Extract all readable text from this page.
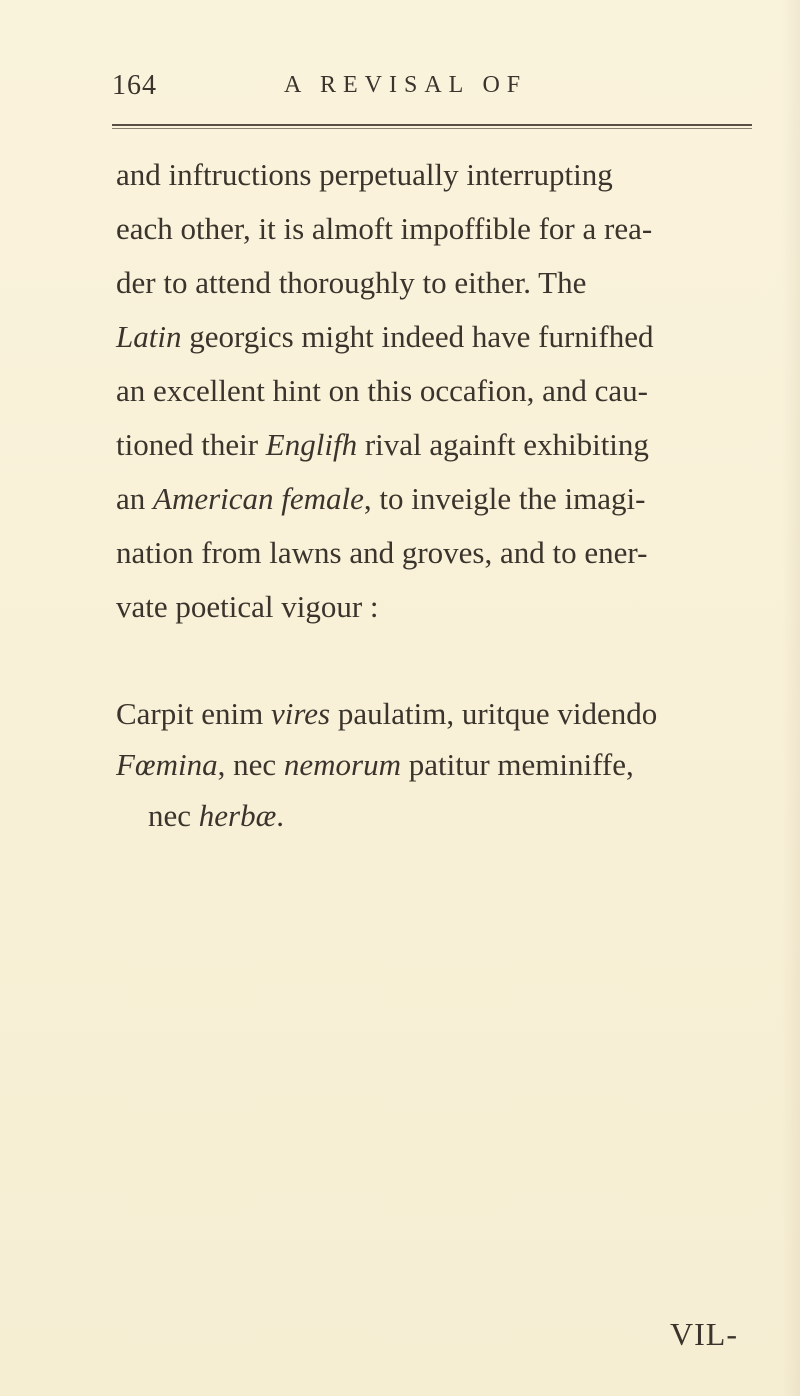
164	A REVISAL OF
and inftructions perpetually interrupting
each other, it is almoft impoffible for a rea-
der to attend thoroughly to either. The
Latin georgics might indeed have furnifhed
an excellent hint on this occafion, and cau-
tioned their Englifh rival againft exhibiting
an American female, to inveigle the imagi-
nation from lawns and groves, and to ener-
vate poetical vigour :
Carpit enim vires paulatim, uritque videndo
Fœmina, nec nemorum patitur meminiffe,
nec herbæ.
VIL-
